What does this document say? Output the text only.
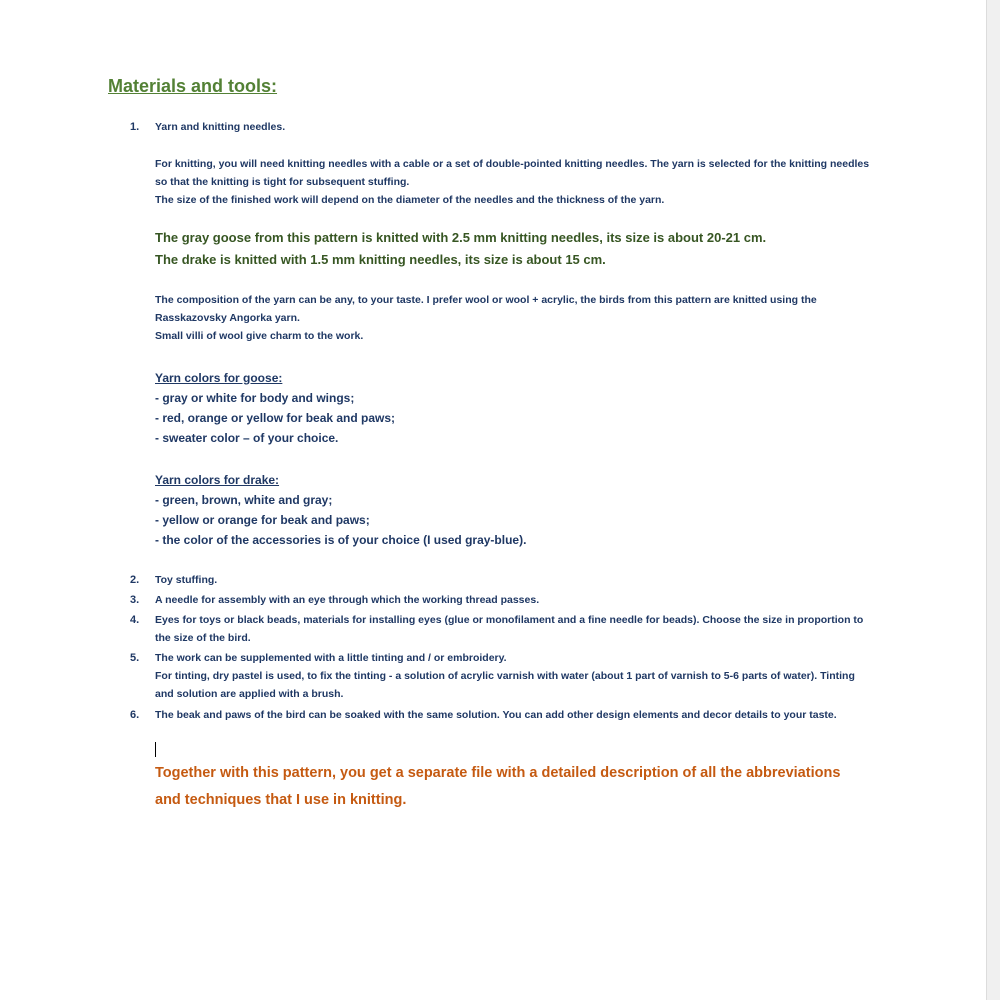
Materials and tools:
1. Yarn and knitting needles.
For knitting, you will need knitting needles with a cable or a set of double-pointed knitting needles. The yarn is selected for the knitting needles
so that the knitting is tight for subsequent stuffing.
The size of the finished work will depend on the diameter of the needles and the thickness of the yarn.
The gray goose from this pattern is knitted with 2.5 mm knitting needles, its size is about 20-21 cm.
The drake is knitted with 1.5 mm knitting needles, its size is about 15 cm.
The composition of the yarn can be any, to your taste. I prefer wool or wool + acrylic, the birds from this pattern are knitted using the
Rasskazovsky Angorka yarn.
Small villi of wool give charm to the work.
Yarn colors for goose:
- gray or white for body and wings;
- red, orange or yellow for beak and paws;
- sweater color – of your choice.
Yarn colors for drake:
- green, brown, white and gray;
- yellow or orange for beak and paws;
- the color of the accessories is of your choice (I used gray-blue).
2. Toy stuffing.
3. A needle for assembly with an eye through which the working thread passes.
4. Eyes for toys or black beads, materials for installing eyes (glue or monofilament and a fine needle for beads). Choose the size in proportion to
the size of the bird.
5. The work can be supplemented with a little tinting and / or embroidery.
For tinting, dry pastel is used, to fix the tinting - a solution of acrylic varnish with water (about 1 part of varnish to 5-6 parts of water). Tinting
and solution are applied with a brush.
6. The beak and paws of the bird can be soaked with the same solution. You can add other design elements and decor details to your taste.
Together with this pattern, you get a separate file with a detailed description of all the abbreviations
and techniques that I use in knitting.
